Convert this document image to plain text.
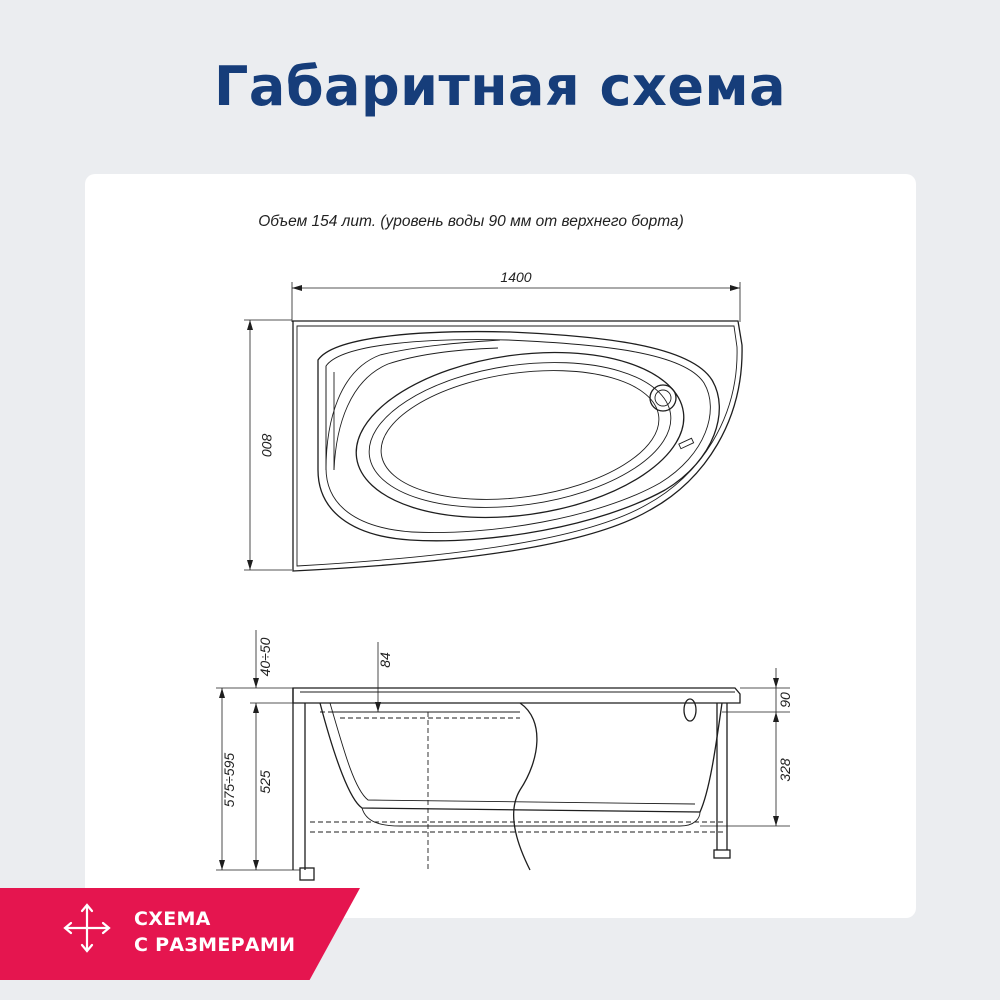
Габаритная схема
Объем 154 лит. (уровень воды 90 мм от верхнего борта)
1400
800
575÷595 525
40÷50	84
90
328
СХЕМА
С РАЗМЕРАМИ
